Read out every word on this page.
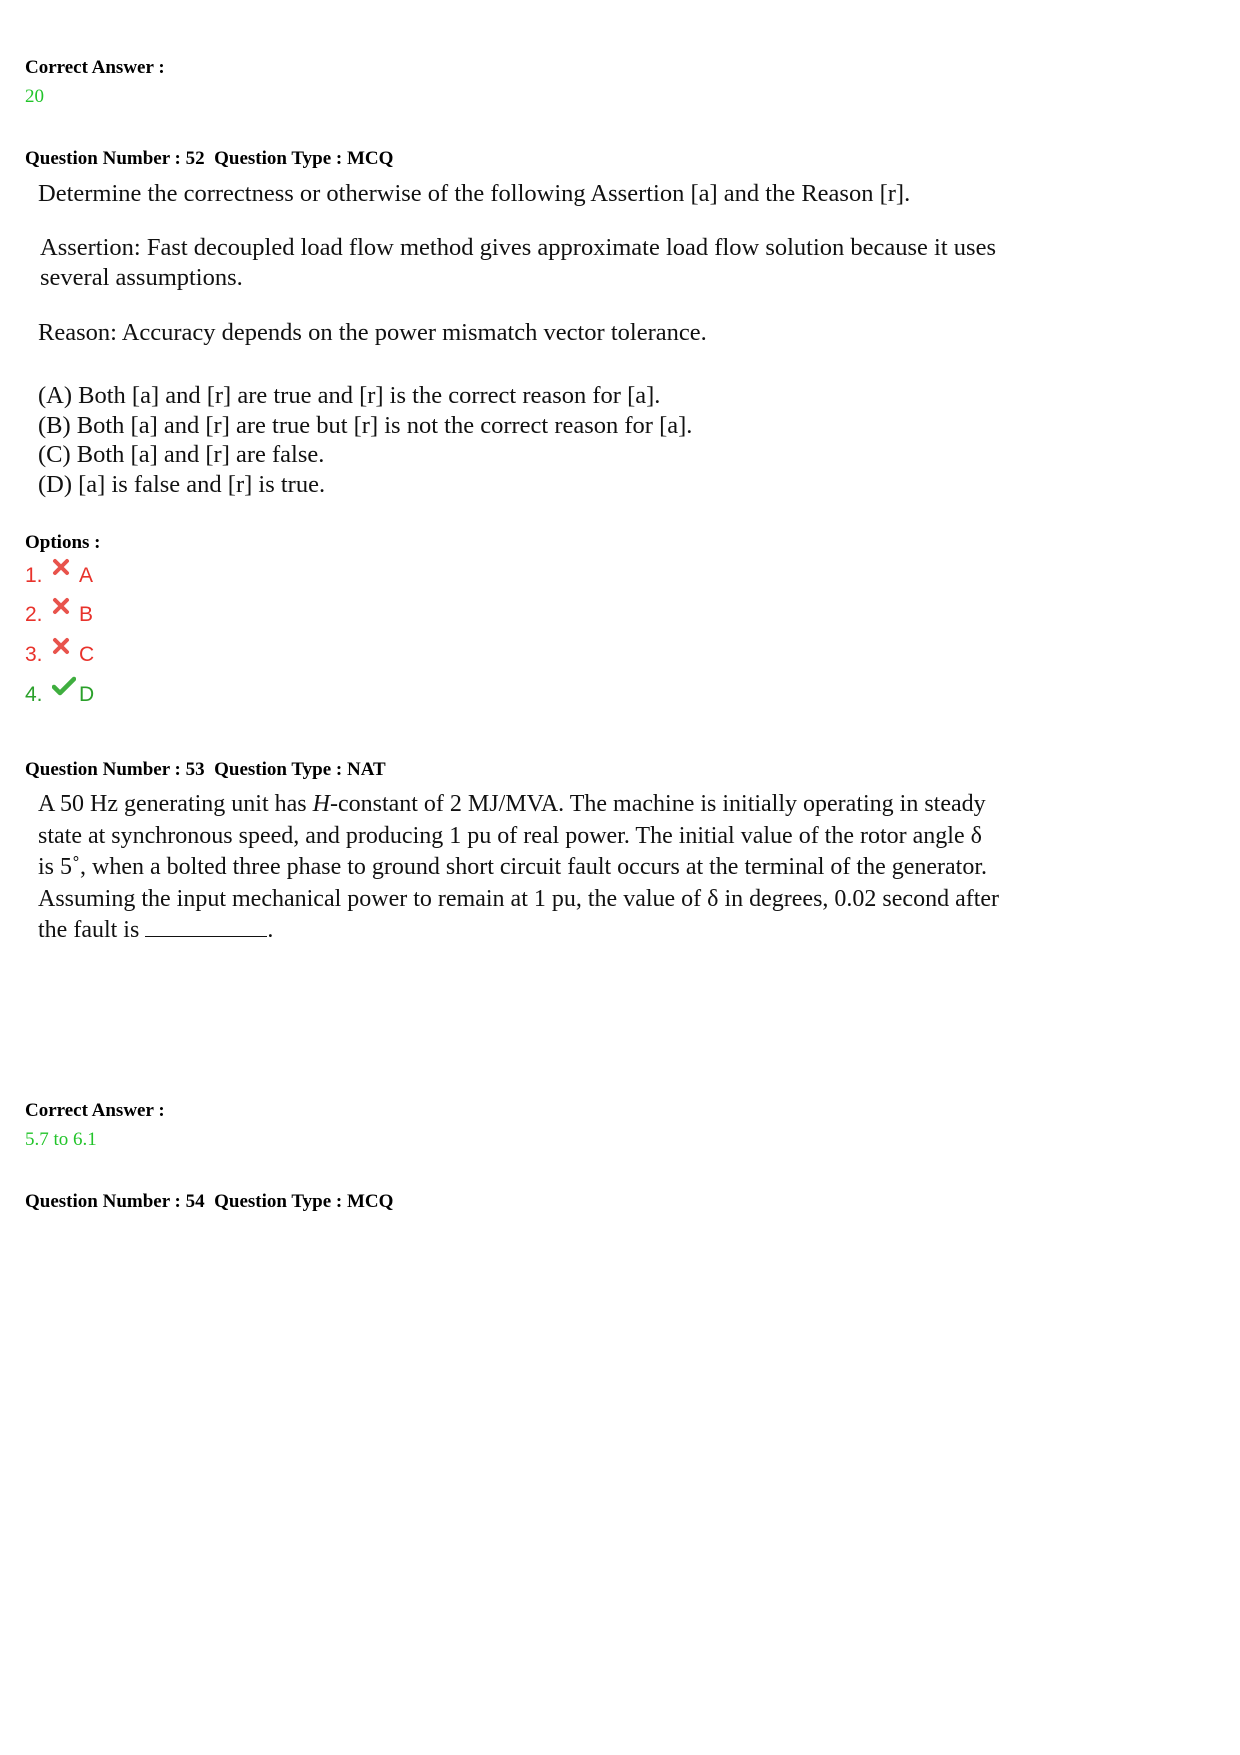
Correct Answer :
20
Question Number : 52  Question Type : MCQ

Determine the correctness or otherwise of the following Assertion [a] and the Reason [r].

Assertion: Fast decoupled load flow method gives approximate load flow solution because it uses

several assumptions.

Reason: Accuracy depends on the power mismatch vector tolerance.

(A) Both [a] and [r] are true and [r] is the correct reason for [a].

(B) Both [a] and [r] are true but [r] is not the correct reason for [a].

(C) Both [a] and [r] are false.

(D) [a] is false and [r] is true.

Options :
1.	A
2.	B
3.	C
4.	D
Question Number : 53  Question Type : NAT

A 50 Hz generating unit has H-constant of 2 MJ/MVA. The machine is initially operating in steady

state at synchronous speed, and producing 1 pu of real power. The initial value of the rotor angle δ

is 5˚, when a bolted three phase to ground short circuit fault occurs at the terminal of the generator.

Assuming the input mechanical power to remain at 1 pu, the value of δ in degrees, 0.02 second after

the fault is	.

Correct Answer :
5.7 to 6.1
Question Number : 54  Question Type : MCQ
